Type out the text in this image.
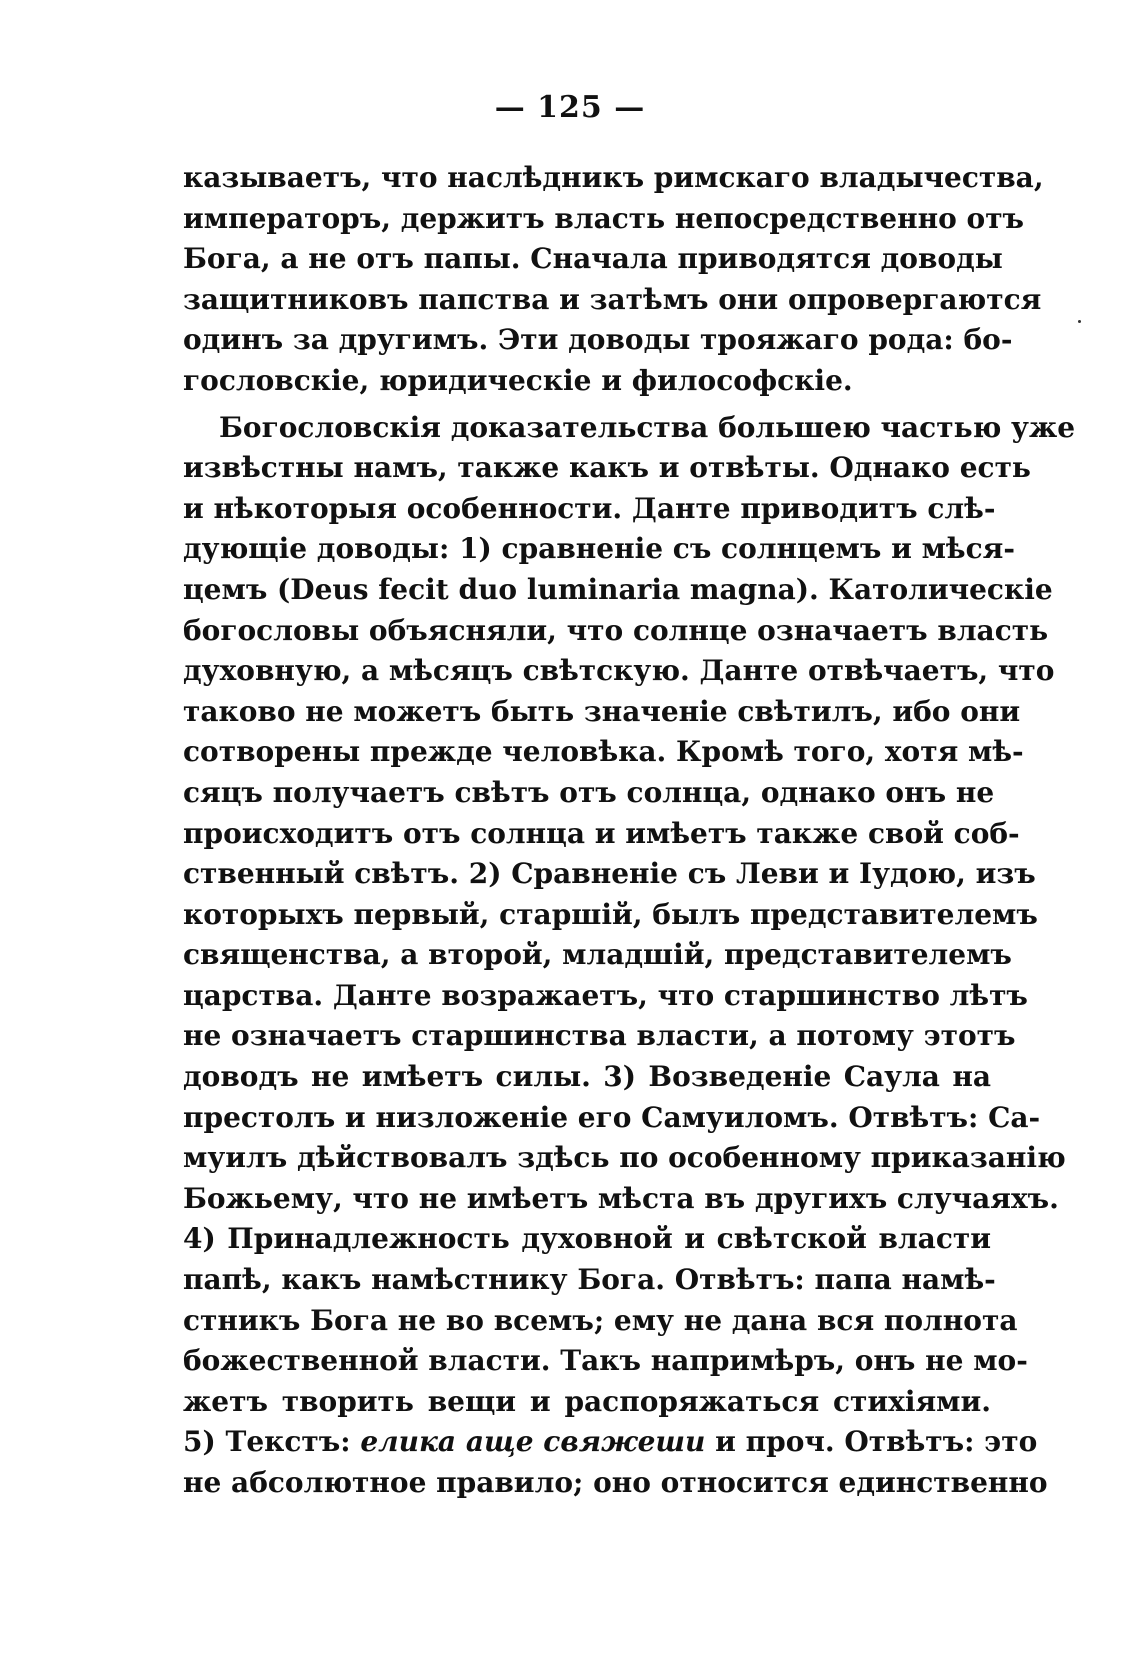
— 125 —
казываетъ, что наслѣдникъ римскаго владычества,
императоръ, держитъ власть непосредственно отъ
Бога, а не отъ папы. Сначала приводятся доводы
защитниковъ папства и затѣмъ они опровергаются
одинъ за другимъ. Эти доводы трояжаго рода: бо-
гословскіе, юридическіе и философскіе.
Богословскія доказательства большею частью уже
извѣстны намъ, также какъ и отвѣты. Однако есть
и нѣкоторыя особенности. Данте приводитъ слѣ-
дующіе доводы: 1) сравненіе съ солнцемъ и мѣся-
цемъ (Deus fecit duo luminaria magna). Католическіе
богословы объясняли, что солнце означаетъ власть
духовную, а мѣсяцъ свѣтскую. Данте отвѣчаетъ, что
таково не можетъ быть значеніе свѣтилъ, ибо они
сотворены прежде человѣка. Кромѣ того, хотя мѣ-
сяцъ получаетъ свѣтъ отъ солнца, однако онъ не
происходитъ отъ солнца и имѣетъ также свой соб-
ственный свѣтъ. 2) Сравненіе съ Леви и Іудою, изъ
которыхъ первый, старшій, былъ представителемъ
священства, а второй, младшій, представителемъ
царства. Данте возражаетъ, что старшинство лѣтъ
не означаетъ старшинства власти, а потому этотъ
доводъ не имѣетъ силы. 3) Возведеніе Саула на
престолъ и низложеніе его Самуиломъ. Отвѣтъ: Са-
муилъ дѣйствовалъ здѣсь по особенному приказанію
Божьему, что не имѣетъ мѣста въ другихъ случаяхъ.
4) Принадлежность духовной и свѣтской власти
папѣ, какъ намѣстнику Бога. Отвѣтъ: папа намѣ-
стникъ Бога не во всемъ; ему не дана вся полнота
божественной власти. Такъ напримѣръ, онъ не мо-
жетъ творить вещи и распоряжаться стихіями.
5) Текстъ: елика аще свяжеши и проч. Отвѣтъ: это
не абсолютное правило; оно относится единственно
